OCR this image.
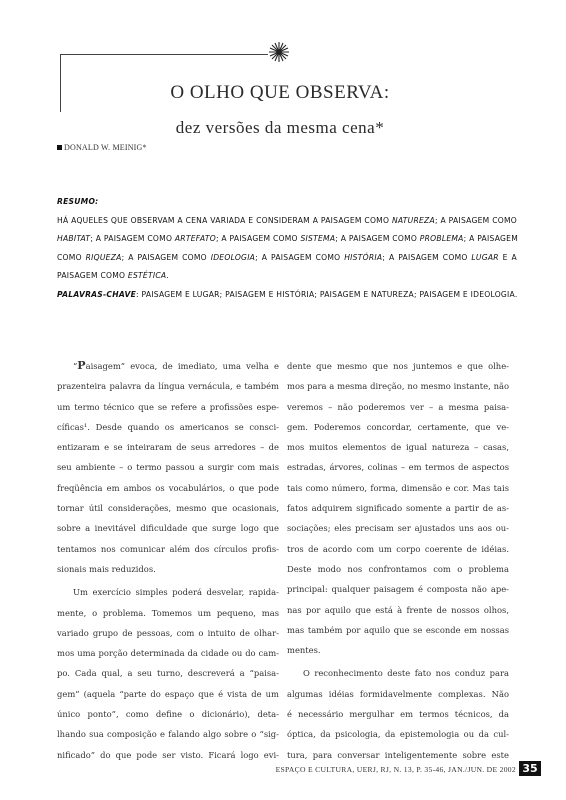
O OLHO QUE OBSERVA:
dez versões da mesma cena*
DONALD W. MEINIG*
RESUMO:
HÁ AQUELES QUE OBSERVAM A CENA VARIADA E CONSIDERAM A PAISAGEM COMO NATUREZA; A PAISAGEM COMO
HABITAT; A PAISAGEM COMO ARTEFATO; A PAISAGEM COMO SISTEMA; A PAISAGEM COMO PROBLEMA; A PAISAGEM
COMO RIQUEZA; A PAISAGEM COMO IDEOLOGIA; A PAISAGEM COMO HISTÓRIA; A PAISAGEM COMO LUGAR E A
PAISAGEM COMO ESTÉTICA.
PALAVRAS-CHAVE: PAISAGEM E LUGAR; PAISAGEM E HISTÓRIA; PAISAGEM E NATUREZA; PAISAGEM E IDEOLOGIA.
“Paisagem” evoca, de imediato, uma velha e
prazenteira palavra da língua vernácula, e também
um termo técnico que se refere a profissões espe-
cíficas¹. Desde quando os americanos se consci-
entizaram e se inteiraram de seus arredores – de
seu ambiente – o termo passou a surgir com mais
freqüência em ambos os vocabulários, o que pode
tornar útil considerações, mesmo que ocasionais,
sobre a inevitável dificuldade que surge logo que
tentamos nos comunicar além dos círculos profis-
sionais mais reduzidos.
Um exercício simples poderá desvelar, rapida-
mente, o problema. Tomemos um pequeno, mas
variado grupo de pessoas, com o intuito de olhar-
mos uma porção determinada da cidade ou do cam-
po. Cada qual, a seu turno, descreverá a “paisa-
gem” (aquela “parte do espaço que é vista de um
único ponto”, como define o dicionário), deta-
lhando sua composição e falando algo sobre o “sig-
nificado” do que pode ser visto. Ficará logo evi-
dente que mesmo que nos juntemos e que olhe-
mos para a mesma direção, no mesmo instante, não
veremos – não poderemos ver – a mesma paisa-
gem. Poderemos concordar, certamente, que ve-
mos muitos elementos de igual natureza – casas,
estradas, árvores, colinas – em termos de aspectos
tais como número, forma, dimensão e cor. Mas tais
fatos adquirem significado somente a partir de as-
sociações; eles precisam ser ajustados uns aos ou-
tros de acordo com um corpo coerente de idéias.
Deste modo nos confrontamos com o problema
principal: qualquer paisagem é composta não ape-
nas por aquilo que está à frente de nossos olhos,
mas também por aquilo que se esconde em nossas
mentes.
O reconhecimento deste fato nos conduz para
algumas idéias formidavelmente complexas. Não
é necessário mergulhar em termos técnicos, da
óptica, da psicologia, da epistemologia ou da cul-
tura, para conversar inteligentemente sobre este
ESPAÇO E CULTURA, UERJ, RJ, N. 13, P. 35-46, JAN./JUN. DE 2002 35
